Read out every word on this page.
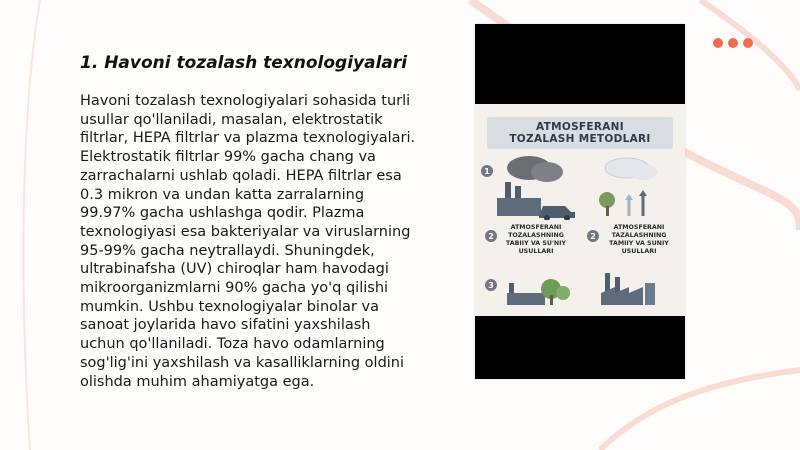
1. Havoni tozalash texnologiyalari
Havoni tozalash texnologiyalari sohasida turli usullar qo'llaniladi, masalan, elektrostatik filtrlar, HEPA filtrlar va plazma texnologiyalari. Elektrostatik filtrlar 99% gacha chang va zarrachalarni ushlab qoladi. HEPA filtrlar esa 0.3 mikron va undan katta zarralarning 99.97% gacha ushlashga qodir. Plazma texnologiyasi esa bakteriyalar va viruslarning 95-99% gacha neytrallaydi. Shuningdek, ultrabinafsha (UV) chiroqlar ham havodagi mikroorganizmlarni 90% gacha yo'q qilishi mumkin. Ushbu texnologiyalar binolar va sanoat joylarida havo sifatini yaxshilash uchun qo'llaniladi. Toza havo odamlarning sog'lig'ini yaxshilash va kasalliklarning oldini olishda muhim ahamiyatga ega.
ATMOSFERANI
TOZALASH METODLARI
1
2
ATMOSFERANI
TOZALASHNING
TABIIY VA SU'NIY
USULLARI
2
ATMOSFERANI
TAZALASHNING
TAMIIY VA SUNIY
USULLARI
3
